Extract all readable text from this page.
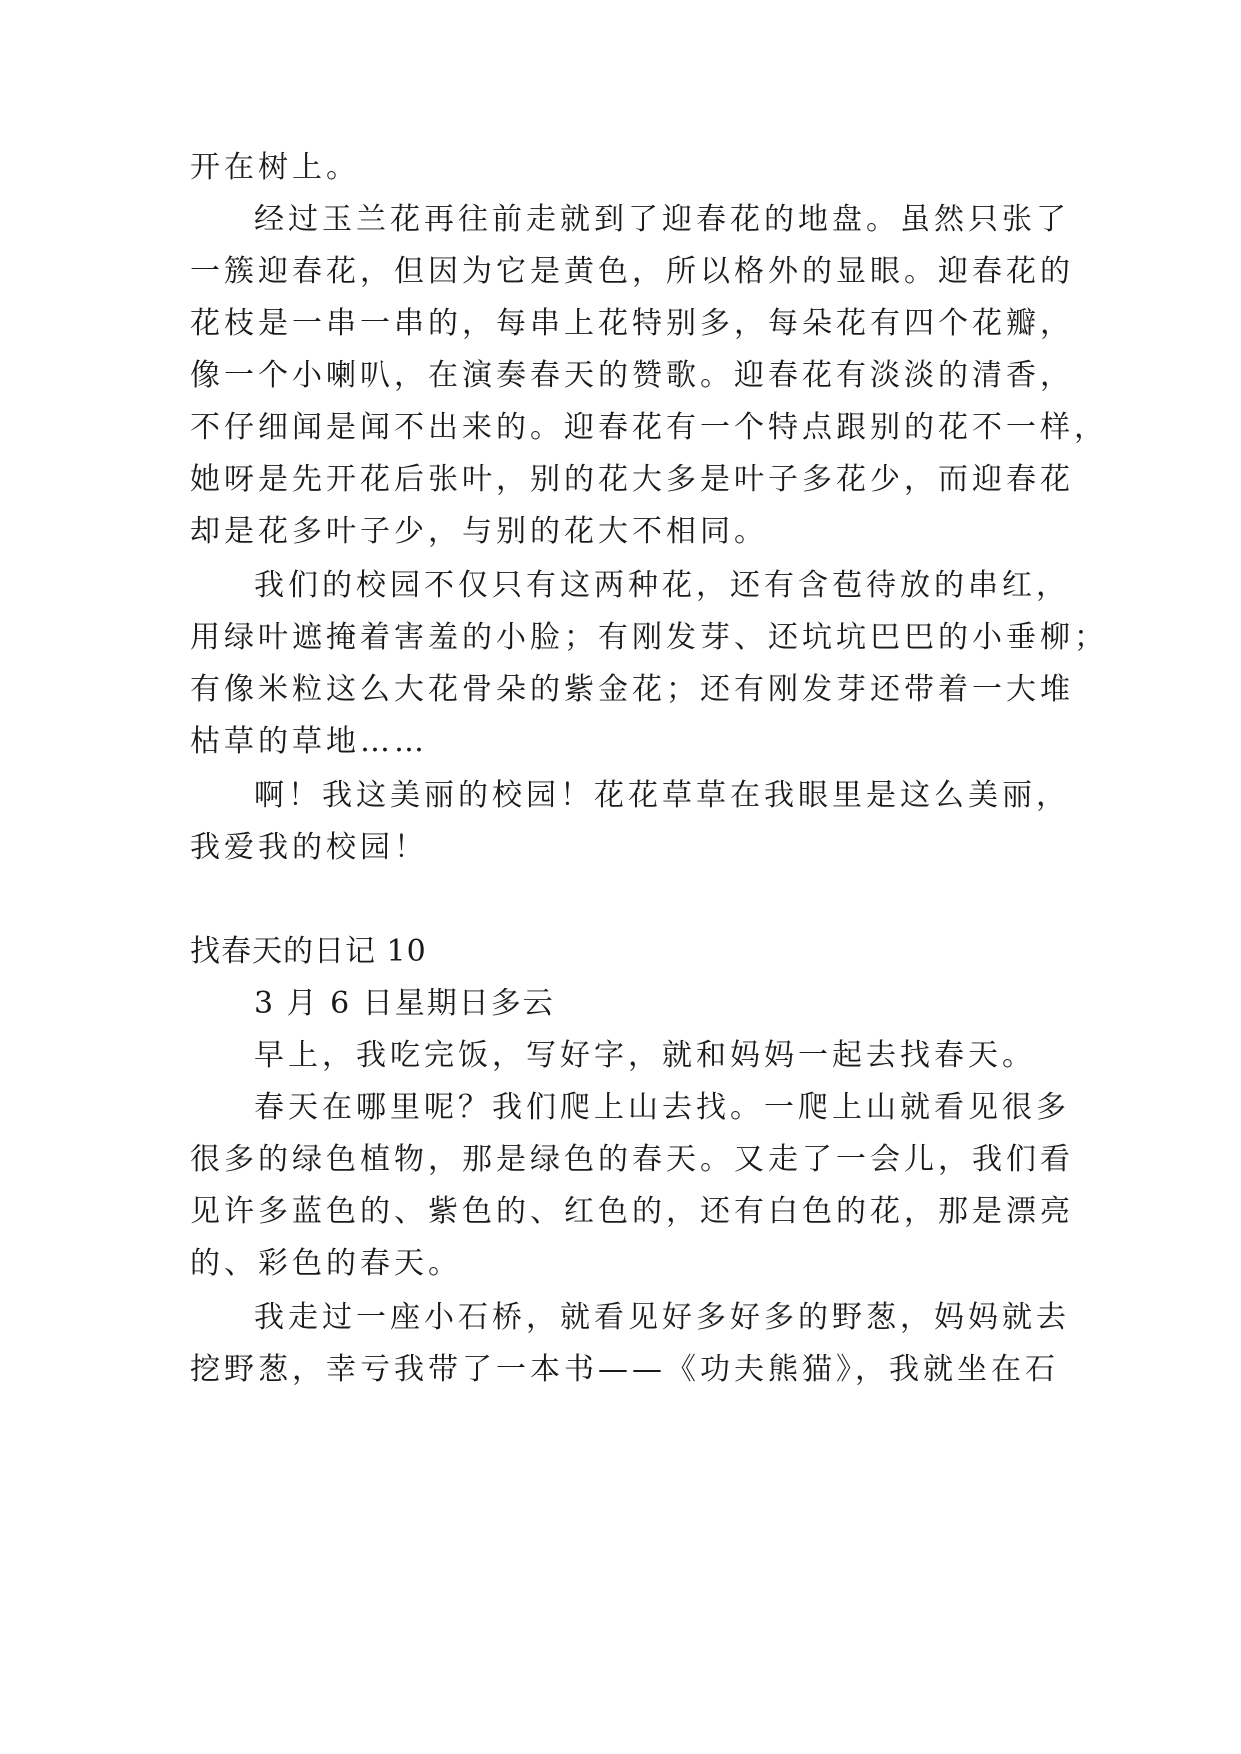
开在树上。
经过玉兰花再往前走就到了迎春花的地盘。虽然只张了
一簇迎春花，但因为它是黄色，所以格外的显眼。迎春花的
花枝是一串一串的，每串上花特别多，每朵花有四个花瓣，
像一个小喇叭，在演奏春天的赞歌。迎春花有淡淡的清香，
不仔细闻是闻不出来的。迎春花有一个特点跟别的花不一样，
她呀是先开花后张叶，别的花大多是叶子多花少，而迎春花
却是花多叶子少，与别的花大不相同。
我们的校园不仅只有这两种花，还有含苞待放的串红，
用绿叶遮掩着害羞的小脸；有刚发芽、还坑坑巴巴的小垂柳；
有像米粒这么大花骨朵的紫金花；还有刚发芽还带着一大堆
枯草的草地……
啊！我这美丽的校园！花花草草在我眼里是这么美丽，
我爱我的校园！
找春天的日记 10
3 月 6 日星期日多云
早上，我吃完饭，写好字，就和妈妈一起去找春天。
春天在哪里呢？我们爬上山去找。一爬上山就看见很多
很多的绿色植物，那是绿色的春天。又走了一会儿，我们看
见许多蓝色的、紫色的、红色的，还有白色的花，那是漂亮
的、彩色的春天。
我走过一座小石桥，就看见好多好多的野葱，妈妈就去
挖野葱，幸亏我带了一本书——《功夫熊猫》，我就坐在石
